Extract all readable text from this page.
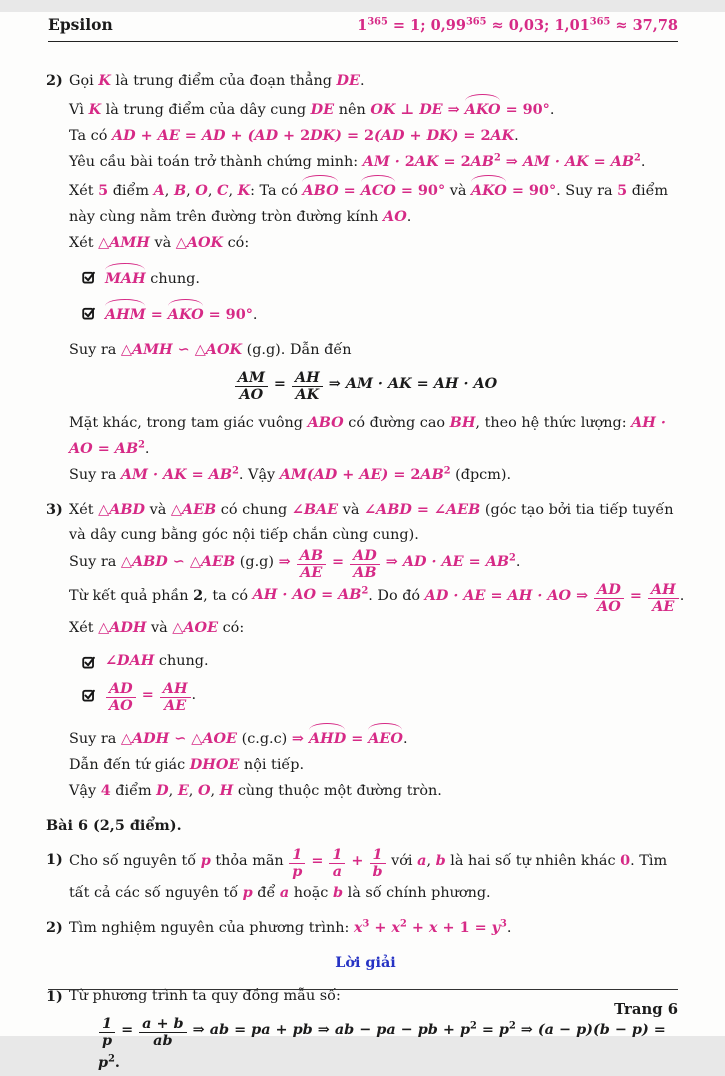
Epsilon	$1^{365} = 1$; $0,99^{365} \approx 0,03$; $1,01^{365} \approx 37,78$
2) Gọi K là trung điểm của đoạn thẳng DE.
Vì K là trung điểm của dây cung DE nên OK ⊥ DE ⇒ AKO = 90°.
Ta có AD + AE = AD + (AD + 2DK) = 2(AD + DK) = 2AK.
Yêu cầu bài toán trở thành chứng minh: AM · $2AK = 2AB^2$ ⇒ AM · AK = $AB^2$.
Xét 5 điểm A, B, O, C, K: Ta có ABO = ACO = 90° và AKO = 90°. Suy ra 5 điểm này cùng nằm trên đường tròn đường kính AO.
Xét △AMH và △AOK có:
MAH chung.
AHM = AKO = 90°.
Suy ra △AMH ∽ △AOK (g.g). Dẫn đến
$\frac{AM}{AO} = \frac{AH}{AK}$ ⇒ AM · AK = AH · AO
Mặt khác, trong tam giác vuông ABO có đường cao BH, theo hệ thức lượng: AH · AO = $AB^2$.
Suy ra AM · AK = $AB^2$. Vậy $AM(AD + AE) = 2AB^2$ (đpcm).
3) Xét △ABD và △AEB có chung ∠BAE và ∠ABD = ∠AEB (góc tạo bởi tia tiếp tuyến và dây cung bằng góc nội tiếp chắn cùng cung).
Suy ra △ABD ∽ △AEB (g.g) ⇒ $\frac{AB}{AE} = \frac{AD}{AB}$ ⇒ AD · AE = $AB^2$.
Từ kết quả phần 2, ta có AH · AO = $AB^2$. Do đó AD · AE = AH · AO ⇒ $\frac{AD}{AO} = \frac{AH}{AE}$ .
Xét △ADH và △AOE có:
∠DAH chung.
$\frac{AD}{AO} = \frac{AH}{AE}$ .
Suy ra △ADH ∽ △AOE (c.g.c) ⇒ AHD = AEO.
Dẫn đến tứ giác DHOE nội tiếp.
Vậy 4 điểm D, E, O, H cùng thuộc một đường tròn.
Bài 6 (2,5 điểm).
1) Cho số nguyên tố p thỏa mãn $\frac{1}{p} = \frac{1}{a} + \frac{1}{b}$ với a, b là hai số tự nhiên khác 0. Tìm tất cả các số nguyên tố p để a hoặc b là số chính phương.
2) Tìm nghiệm nguyên của phương trình: $x^3 + x^2 + x + 1 = y^3$.
Lời giải
1) Từ phương trình ta quy đồng mẫu số:
$\frac{1}{p} = \frac{a + b}{ab}$ ⇒ ab = pa + pb ⇒ ab − pa − pb + $p^2 = p^2$ ⇒ $(a - p)(b - p) = p^2$.
Trang 6
